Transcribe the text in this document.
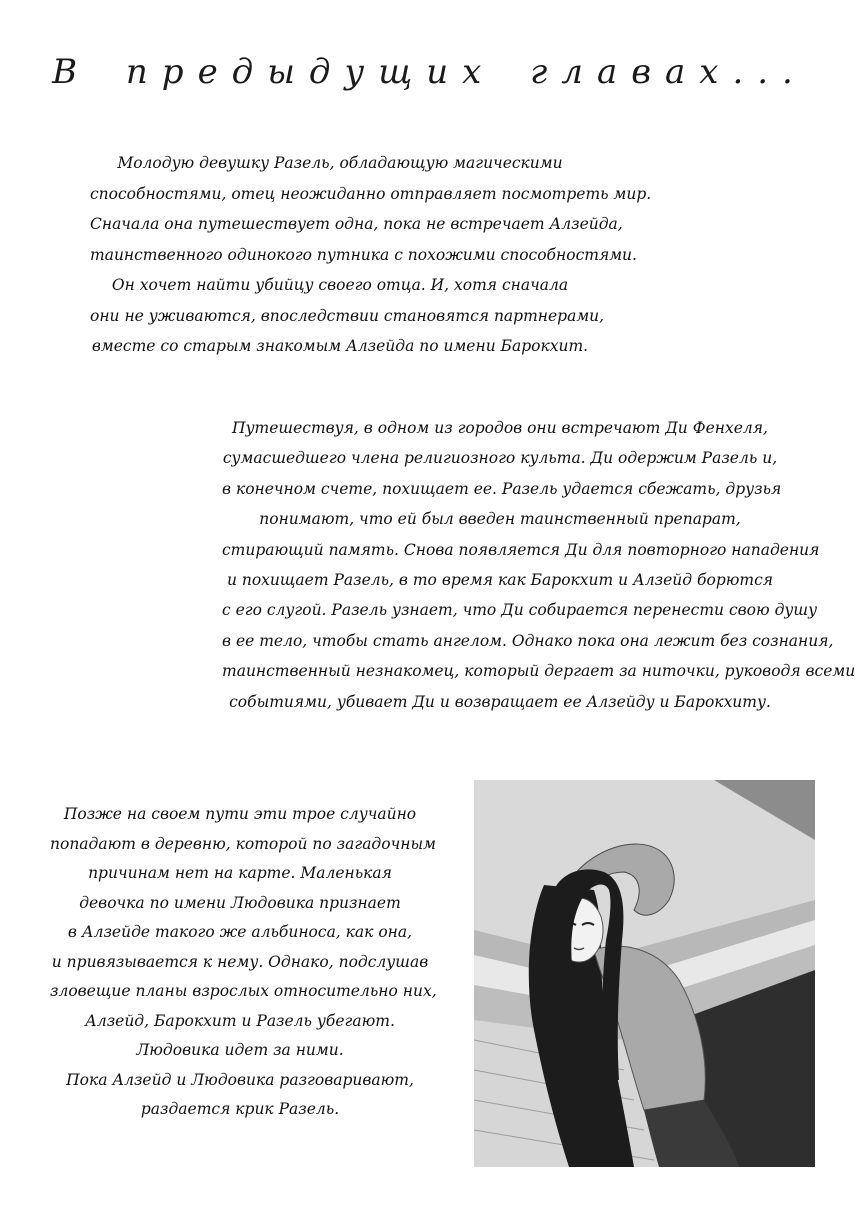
В предыдущих главах...
Молодую девушку Разель, обладающую магическими
способностями, отец неожиданно отправляет посмотреть мир.
Сначала она путешествует одна, пока не встречает Алзейда,
таинственного одинокого путника с похожими способностями.
Он хочет найти убийцу своего отца. И, хотя сначала
они не уживаются, впоследствии становятся партнерами,
вместе со старым знакомым Алзейда по имени Барокхит.
Путешествуя, в одном из городов они встречают Ди Фенхеля,
сумасшедшего члена религиозного культа. Ди одержим Разель и,
в конечном счете, похищает ее. Разель удается сбежать, друзья
понимают, что ей был введен таинственный препарат,
стирающий память. Снова появляется Ди для повторного нападения
и похищает Разель, в то время как Барокхит и Алзейд борются
с его слугой. Разель узнает, что Ди собирается перенести свою душу
в ее тело, чтобы стать ангелом. Однако пока она лежит без сознания,
таинственный незнакомец, который дергает за ниточки, руководя всеми
событиями, убивает Ди и возвращает ее Алзейду и Барокхиту.
Позже на своем пути эти трое случайно
попадают в деревню, которой по загадочным
причинам нет на карте. Маленькая
девочка по имени Людовика признает
в Алзейде такого же альбиноса, как она,
и привязывается к нему. Однако, подслушав
зловещие планы взрослых относительно них,
Алзейд, Барокхит и Разель убегают.
Людовика идет за ними.
Пока Алзейд и Людовика разговаривают,
раздается крик Разель.
